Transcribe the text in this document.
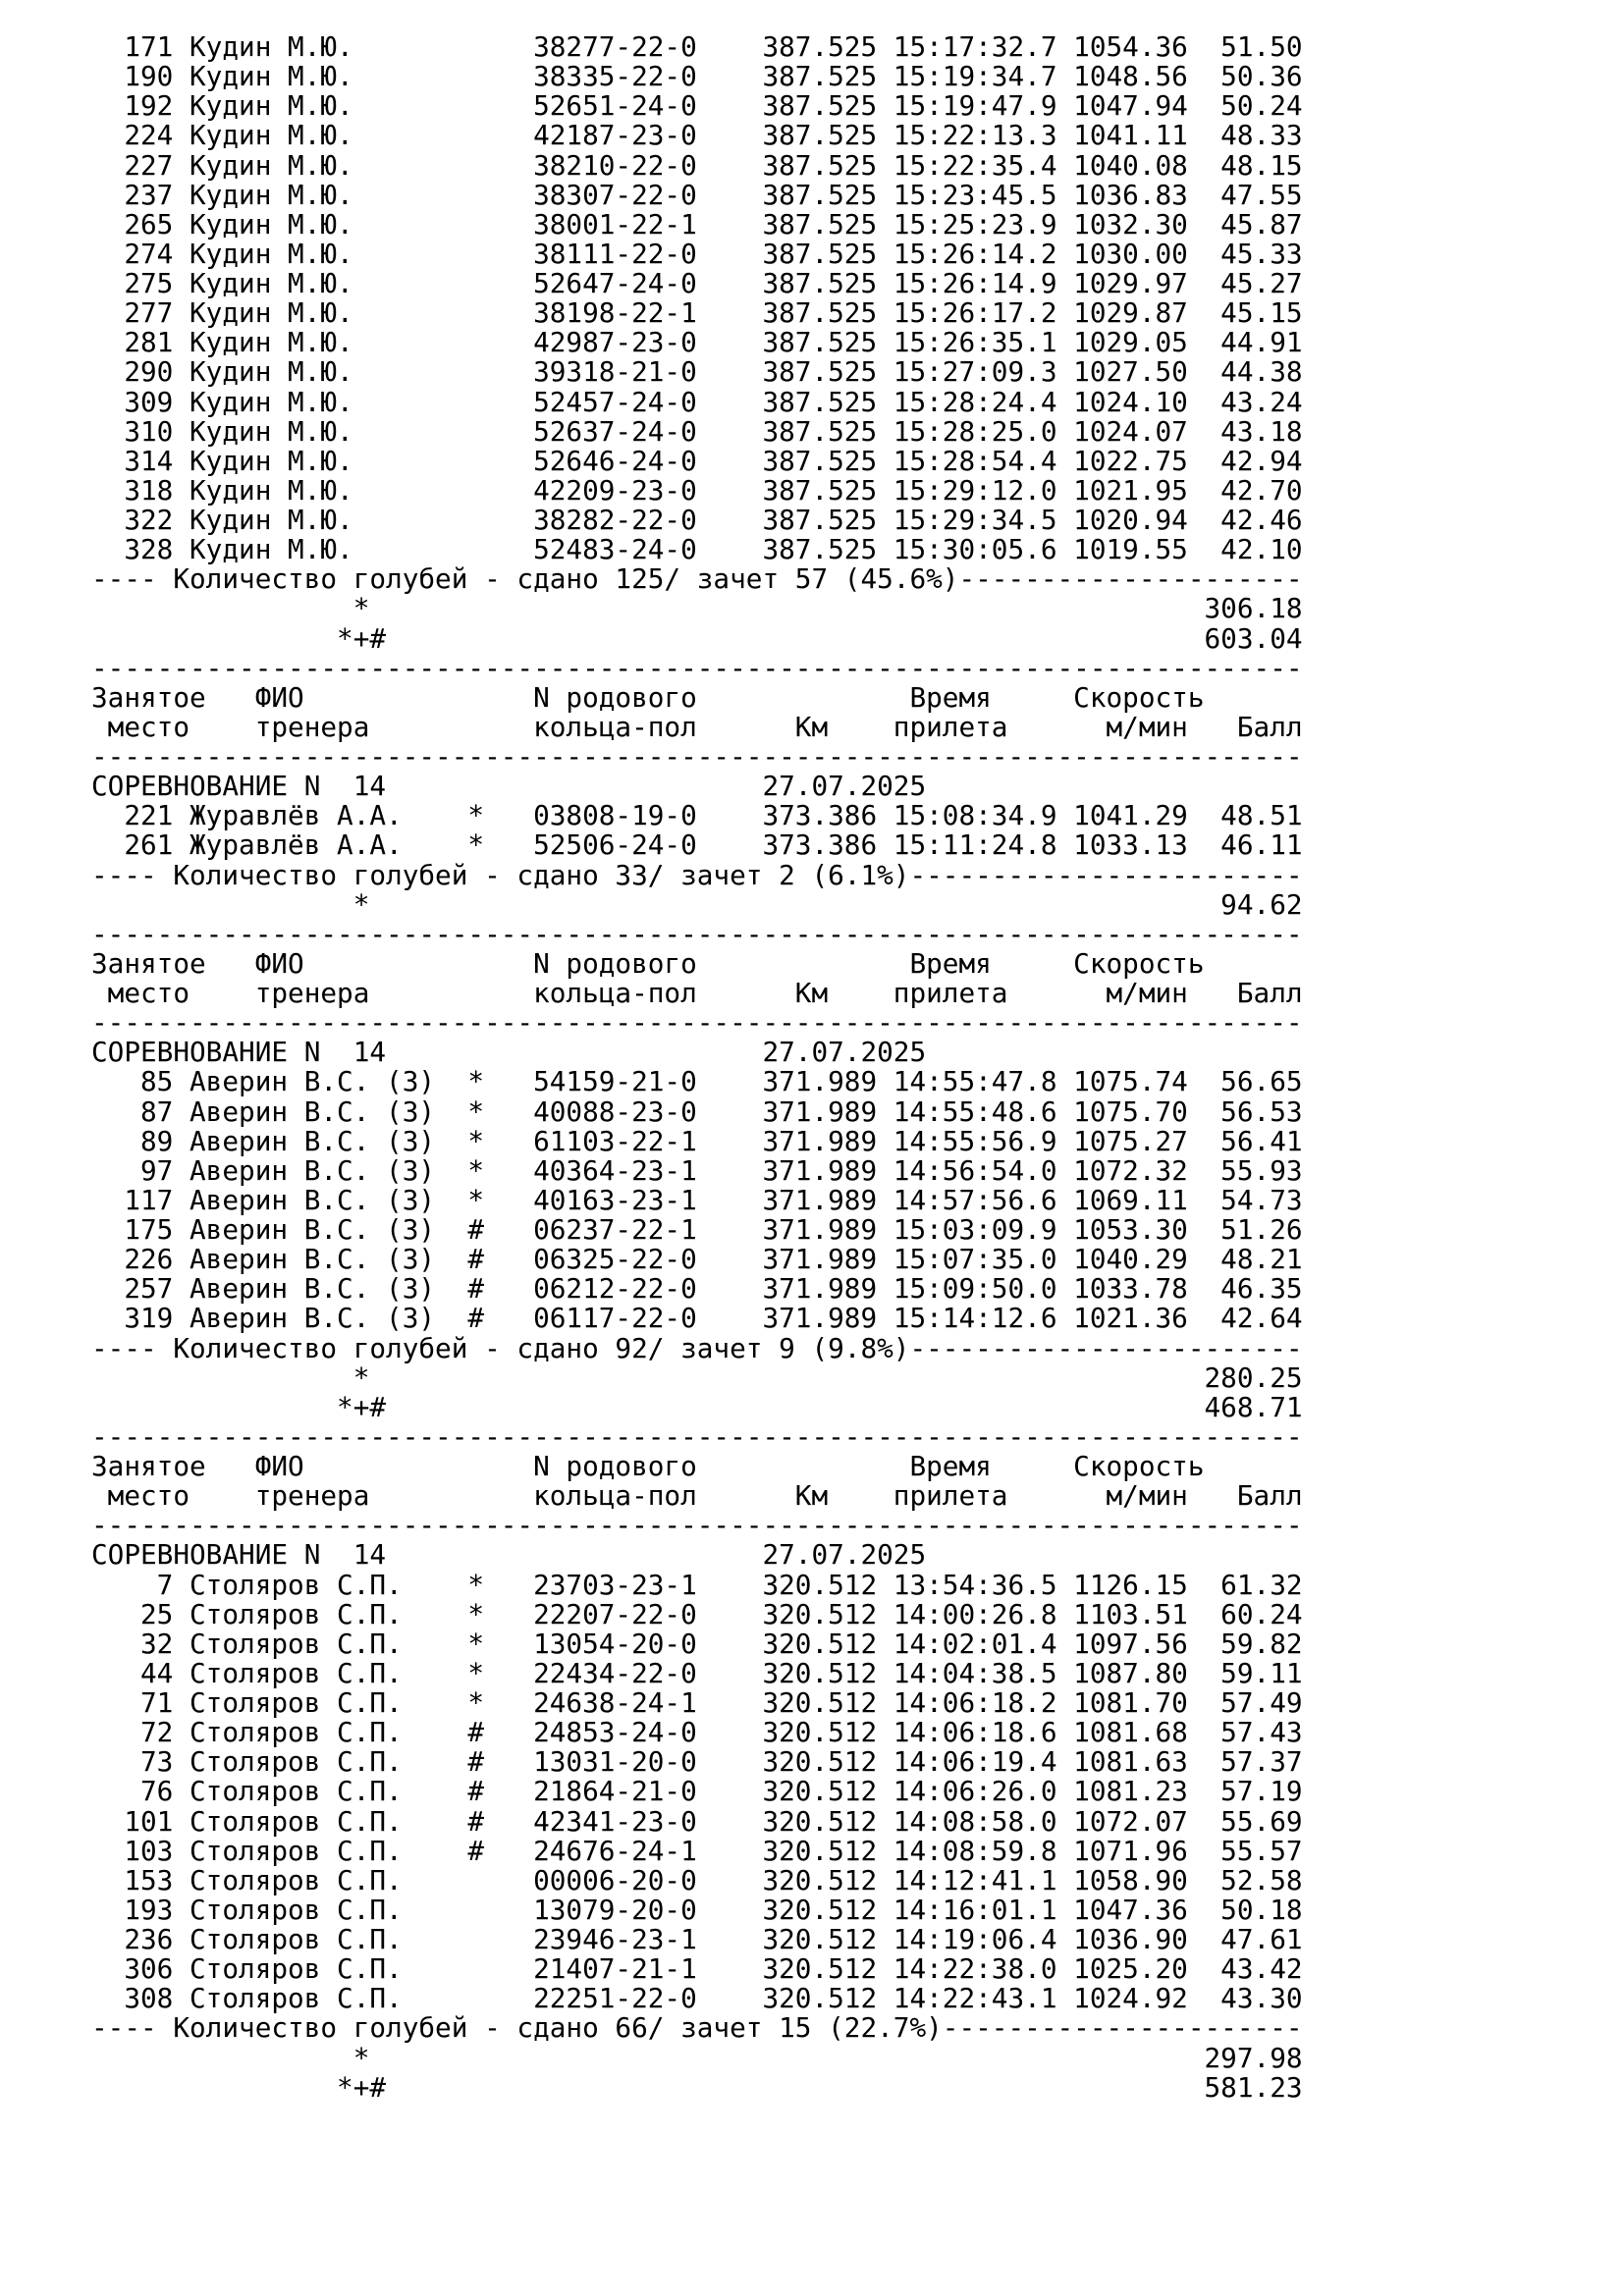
171 Кудин М.Ю.           38277-22-0    387.525 15:17:32.7 1054.36  51.50
190 Кудин М.Ю.           38335-22-0    387.525 15:19:34.7 1048.56  50.36
192 Кудин М.Ю.           52651-24-0    387.525 15:19:47.9 1047.94  50.24
224 Кудин М.Ю.           42187-23-0    387.525 15:22:13.3 1041.11  48.33
227 Кудин М.Ю.           38210-22-0    387.525 15:22:35.4 1040.08  48.15
237 Кудин М.Ю.           38307-22-0    387.525 15:23:45.5 1036.83  47.55
265 Кудин М.Ю.           38001-22-1    387.525 15:25:23.9 1032.30  45.87
274 Кудин М.Ю.           38111-22-0    387.525 15:26:14.2 1030.00  45.33
275 Кудин М.Ю.           52647-24-0    387.525 15:26:14.9 1029.97  45.27
277 Кудин М.Ю.           38198-22-1    387.525 15:26:17.2 1029.87  45.15
281 Кудин М.Ю.           42987-23-0    387.525 15:26:35.1 1029.05  44.91
290 Кудин М.Ю.           39318-21-0    387.525 15:27:09.3 1027.50  44.38
309 Кудин М.Ю.           52457-24-0    387.525 15:28:24.4 1024.10  43.24
310 Кудин М.Ю.           52637-24-0    387.525 15:28:25.0 1024.07  43.18
314 Кудин М.Ю.           52646-24-0    387.525 15:28:54.4 1022.75  42.94
318 Кудин М.Ю.           42209-23-0    387.525 15:29:12.0 1021.95  42.70
322 Кудин М.Ю.           38282-22-0    387.525 15:29:34.5 1020.94  42.46
328 Кудин М.Ю.           52483-24-0    387.525 15:30:05.6 1019.55  42.10
---- Количество голубей - сдано 125/ зачет 57 (45.6%)---------------------
*                                                   306.18
*+#                                                  603.04
--------------------------------------------------------------------------
Занятое   ФИО              N родового             Время     Скорость
место    тренера          кольца-пол      Км    прилета      м/мин   Балл
--------------------------------------------------------------------------
СОРЕВНОВАНИЕ N  14                       27.07.2025
221 Журавлёв А.А.    *   03808-19-0    373.386 15:08:34.9 1041.29  48.51
261 Журавлёв А.А.    *   52506-24-0    373.386 15:11:24.8 1033.13  46.11
---- Количество голубей - сдано 33/ зачет 2 (6.1%)------------------------
*                                                    94.62
--------------------------------------------------------------------------
Занятое   ФИО              N родового             Время     Скорость
место    тренера          кольца-пол      Км    прилета      м/мин   Балл
--------------------------------------------------------------------------
СОРЕВНОВАНИЕ N  14                       27.07.2025
85 Аверин В.С. (З)  *   54159-21-0    371.989 14:55:47.8 1075.74  56.65
87 Аверин В.С. (З)  *   40088-23-0    371.989 14:55:48.6 1075.70  56.53
89 Аверин В.С. (З)  *   61103-22-1    371.989 14:55:56.9 1075.27  56.41
97 Аверин В.С. (З)  *   40364-23-1    371.989 14:56:54.0 1072.32  55.93
117 Аверин В.С. (З)  *   40163-23-1    371.989 14:57:56.6 1069.11  54.73
175 Аверин В.С. (З)  #   06237-22-1    371.989 15:03:09.9 1053.30  51.26
226 Аверин В.С. (З)  #   06325-22-0    371.989 15:07:35.0 1040.29  48.21
257 Аверин В.С. (З)  #   06212-22-0    371.989 15:09:50.0 1033.78  46.35
319 Аверин В.С. (З)  #   06117-22-0    371.989 15:14:12.6 1021.36  42.64
---- Количество голубей - сдано 92/ зачет 9 (9.8%)------------------------
*                                                   280.25
*+#                                                  468.71
--------------------------------------------------------------------------
Занятое   ФИО              N родового             Время     Скорость
место    тренера          кольца-пол      Км    прилета      м/мин   Балл
--------------------------------------------------------------------------
СОРЕВНОВАНИЕ N  14                       27.07.2025
7 Столяров С.П.    *   23703-23-1    320.512 13:54:36.5 1126.15  61.32
25 Столяров С.П.    *   22207-22-0    320.512 14:00:26.8 1103.51  60.24
32 Столяров С.П.    *   13054-20-0    320.512 14:02:01.4 1097.56  59.82
44 Столяров С.П.    *   22434-22-0    320.512 14:04:38.5 1087.80  59.11
71 Столяров С.П.    *   24638-24-1    320.512 14:06:18.2 1081.70  57.49
72 Столяров С.П.    #   24853-24-0    320.512 14:06:18.6 1081.68  57.43
73 Столяров С.П.    #   13031-20-0    320.512 14:06:19.4 1081.63  57.37
76 Столяров С.П.    #   21864-21-0    320.512 14:06:26.0 1081.23  57.19
101 Столяров С.П.    #   42341-23-0    320.512 14:08:58.0 1072.07  55.69
103 Столяров С.П.    #   24676-24-1    320.512 14:08:59.8 1071.96  55.57
153 Столяров С.П.        00006-20-0    320.512 14:12:41.1 1058.90  52.58
193 Столяров С.П.        13079-20-0    320.512 14:16:01.1 1047.36  50.18
236 Столяров С.П.        23946-23-1    320.512 14:19:06.4 1036.90  47.61
306 Столяров С.П.        21407-21-1    320.512 14:22:38.0 1025.20  43.42
308 Столяров С.П.        22251-22-0    320.512 14:22:43.1 1024.92  43.30
---- Количество голубей - сдано 66/ зачет 15 (22.7%)----------------------
*                                                   297.98
*+#                                                  581.23
